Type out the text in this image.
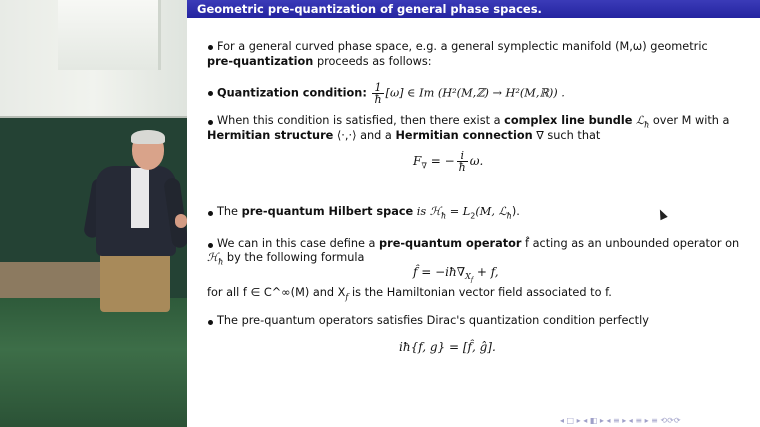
Geometric pre-quantization of general phase spaces.
For a general curved phase space, e.g. a general symplectic manifold (M,ω) geometric
pre-quantization proceeds as follows:
Quantization condition: $\frac{1}{ħ} [\omega]$ ∈ Im (H²(M,ℤ) → H²(M,ℝ)) .
When this condition is satisfied, then there exist a complex line bundle ℒ$_ħ$ over M with a
Hermitian structure ⟨·,·⟩ and a Hermitian connection ∇ such that
$F_\nabla$ = − $\frac{i}{ħ} \omega$.
The pre-quantum Hilbert space is ℋ$_ħ$ = $L_2(M$, ℒ$_ħ$).
We can in this case define a pre-quantum operator f̂ acting as an unbounded operator on
ℋ$_ħ$ by the following formula
f̂ = $-iħ\nabla_{X_f} + f$,
for all f ∈ C^∞(M) and $X_f$ is the Hamiltonian vector field associated to f.
The pre-quantum operators satisfies Dirac's quantization condition perfectly
iħ{f, g} = [f̂, ĝ].
◂ □ ▸ ◂ ◧ ▸ ◂ ≡ ▸ ◂ ≡ ▸ ≡ ⟲⟳⟳
